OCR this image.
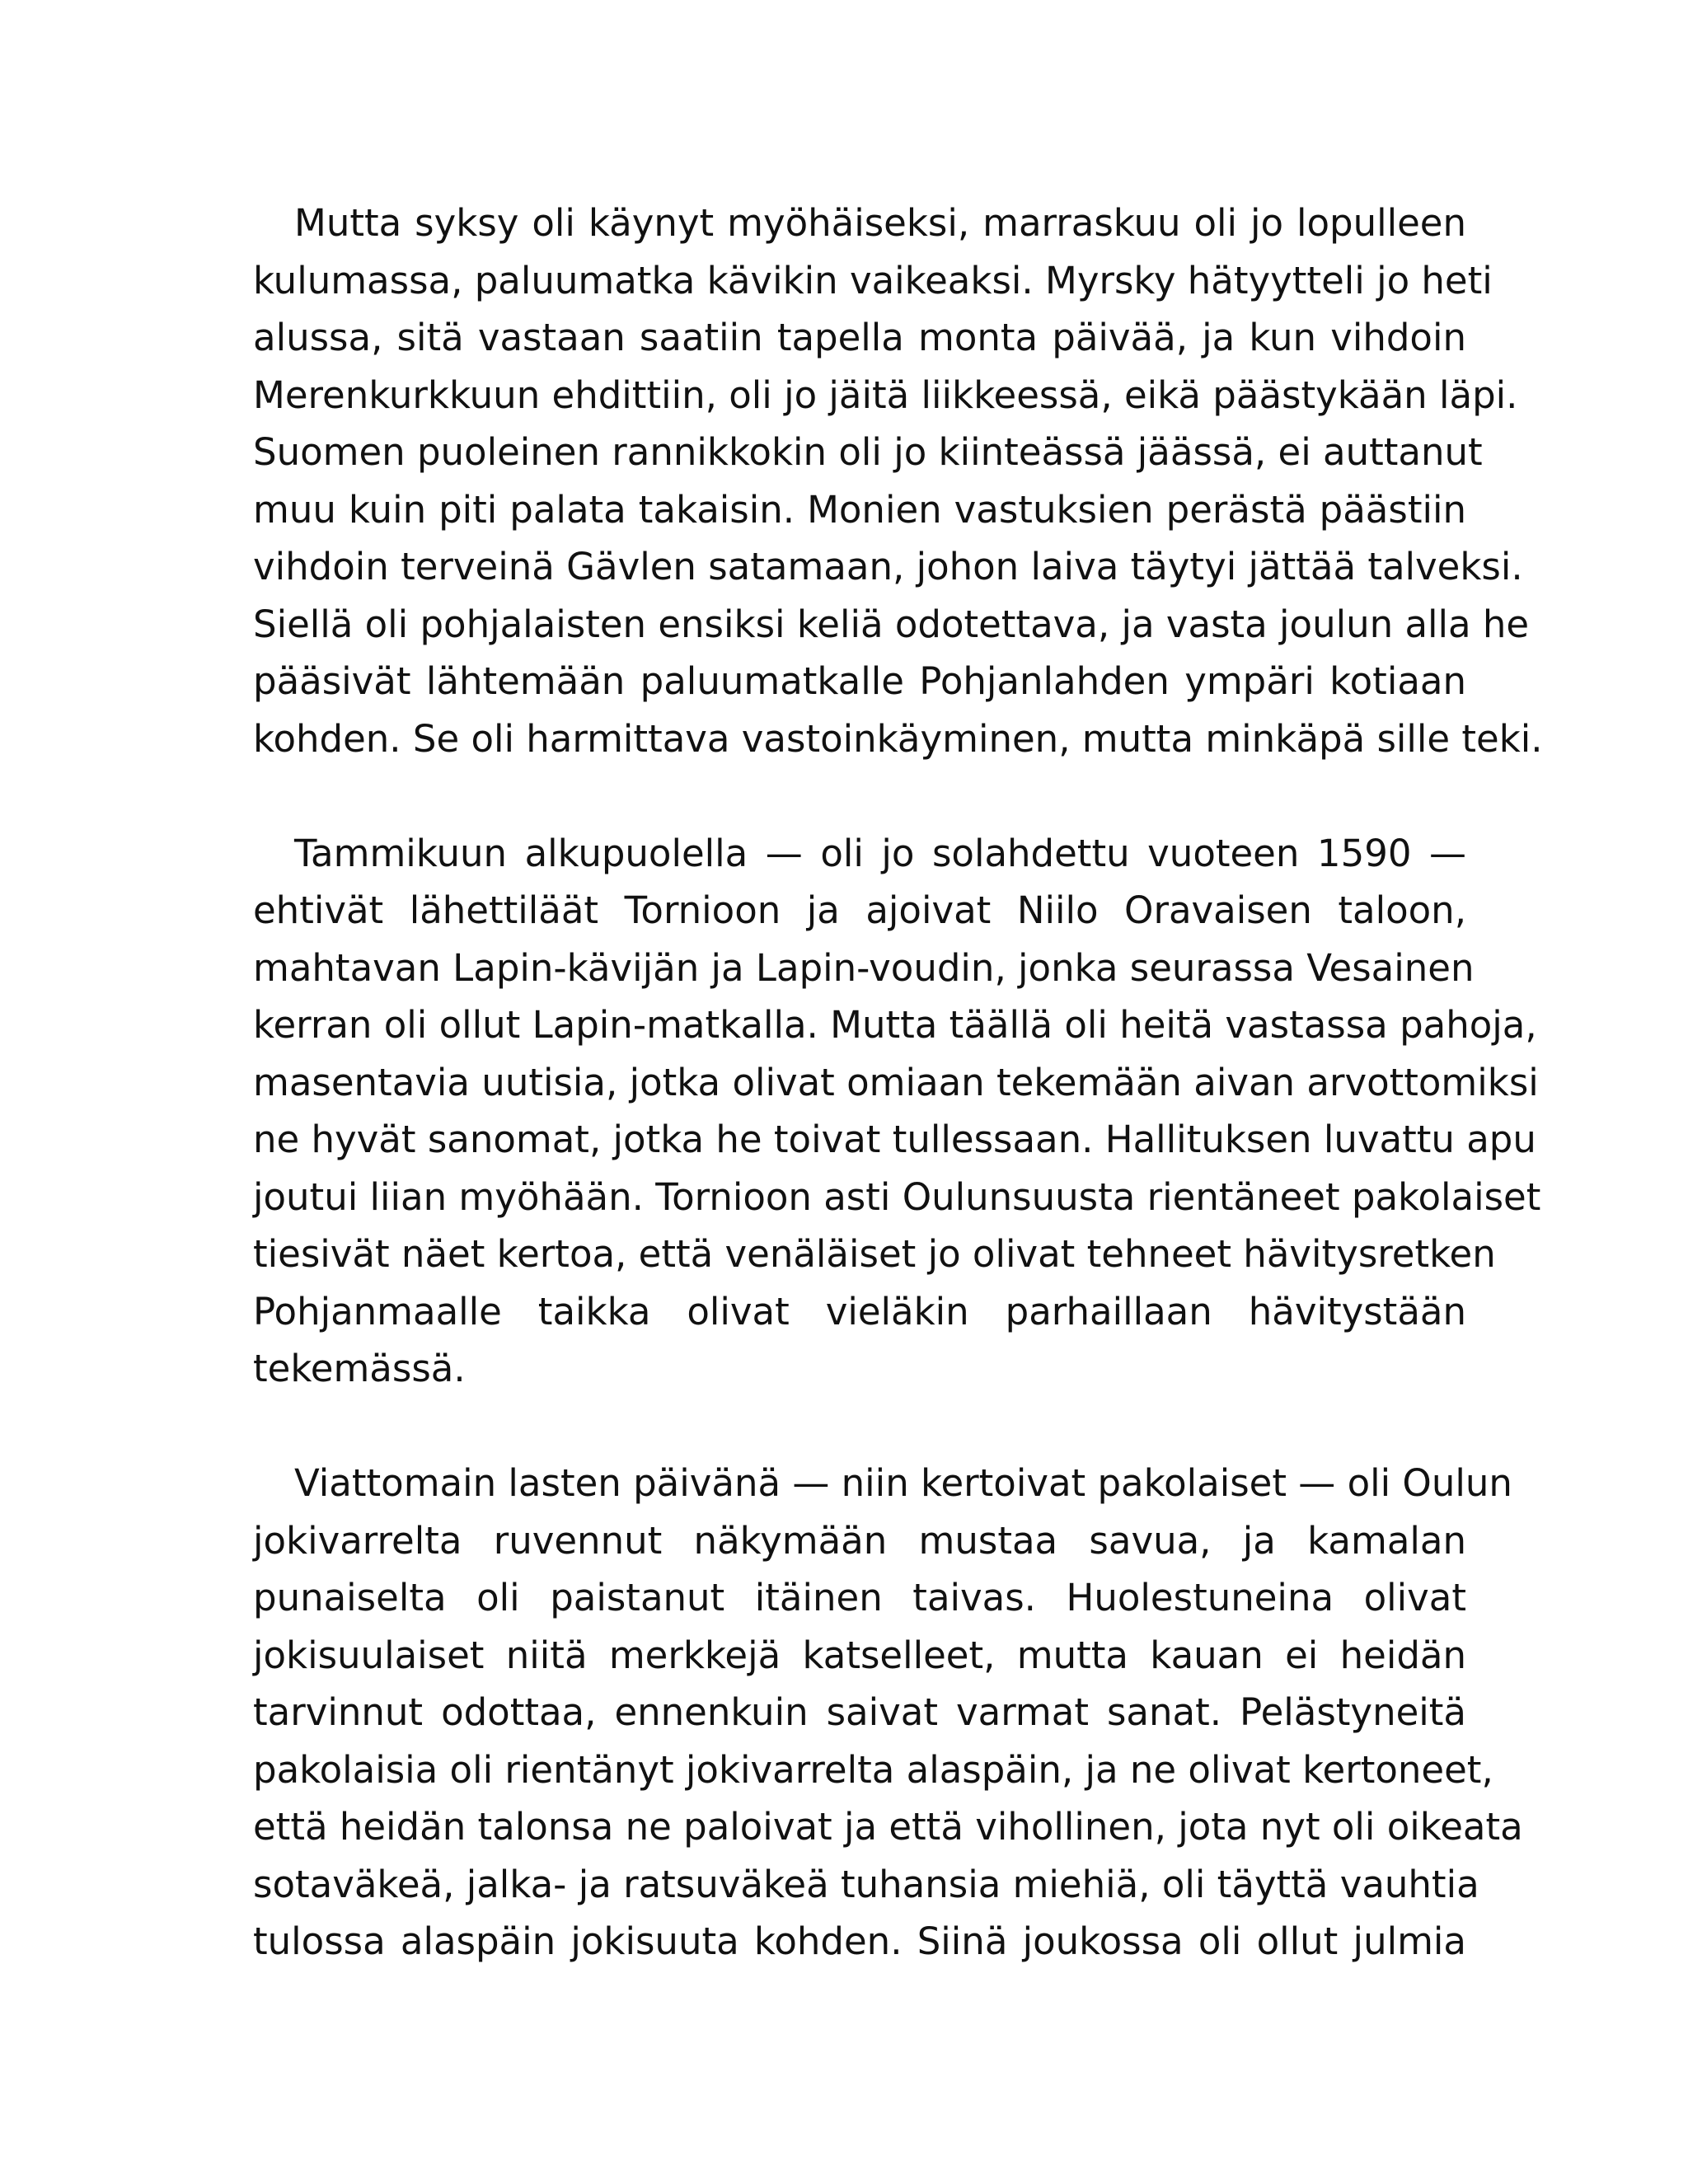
Mutta syksy oli käynyt myöhäiseksi, marraskuu oli jo lopulleen
kulumassa, paluumatka kävikin vaikeaksi. Myrsky hätyytteli jo heti
alussa, sitä vastaan saatiin tapella monta päivää, ja kun vihdoin
Merenkurkkuun ehdittiin, oli jo jäitä liikkeessä, eikä päästykään läpi.
Suomen puoleinen rannikkokin oli jo kiinteässä jäässä, ei auttanut
muu kuin piti palata takaisin. Monien vastuksien perästä päästiin
vihdoin terveinä Gävlen satamaan, johon laiva täytyi jättää talveksi.
Siellä oli pohjalaisten ensiksi keliä odotettava, ja vasta joulun alla he
pääsivät lähtemään paluumatkalle Pohjanlahden ympäri kotiaan
kohden. Se oli harmittava vastoinkäyminen, mutta minkäpä sille teki.
Tammikuun alkupuolella — oli jo solahdettu vuoteen 1590 —
ehtivät lähettiläät Tornioon ja ajoivat Niilo Oravaisen taloon,
mahtavan Lapin-kävijän ja Lapin-voudin, jonka seurassa Vesainen
kerran oli ollut Lapin-matkalla. Mutta täällä oli heitä vastassa pahoja,
masentavia uutisia, jotka olivat omiaan tekemään aivan arvottomiksi
ne hyvät sanomat, jotka he toivat tullessaan. Hallituksen luvattu apu
joutui liian myöhään. Tornioon asti Oulunsuusta rientäneet pakolaiset
tiesivät näet kertoa, että venäläiset jo olivat tehneet hävitysretken
Pohjanmaalle taikka olivat vieläkin parhaillaan hävitystään
tekemässä.
Viattomain lasten päivänä — niin kertoivat pakolaiset — oli Oulun
jokivarrelta ruvennut näkymään mustaa savua, ja kamalan
punaiselta oli paistanut itäinen taivas. Huolestuneina olivat
jokisuulaiset niitä merkkejä katselleet, mutta kauan ei heidän
tarvinnut odottaa, ennenkuin saivat varmat sanat. Pelästyneitä
pakolaisia oli rientänyt jokivarrelta alaspäin, ja ne olivat kertoneet,
että heidän talonsa ne paloivat ja että vihollinen, jota nyt oli oikeata
sotaväkeä, jalka- ja ratsuväkeä tuhansia miehiä, oli täyttä vauhtia
tulossa alaspäin jokisuuta kohden. Siinä joukossa oli ollut julmia
